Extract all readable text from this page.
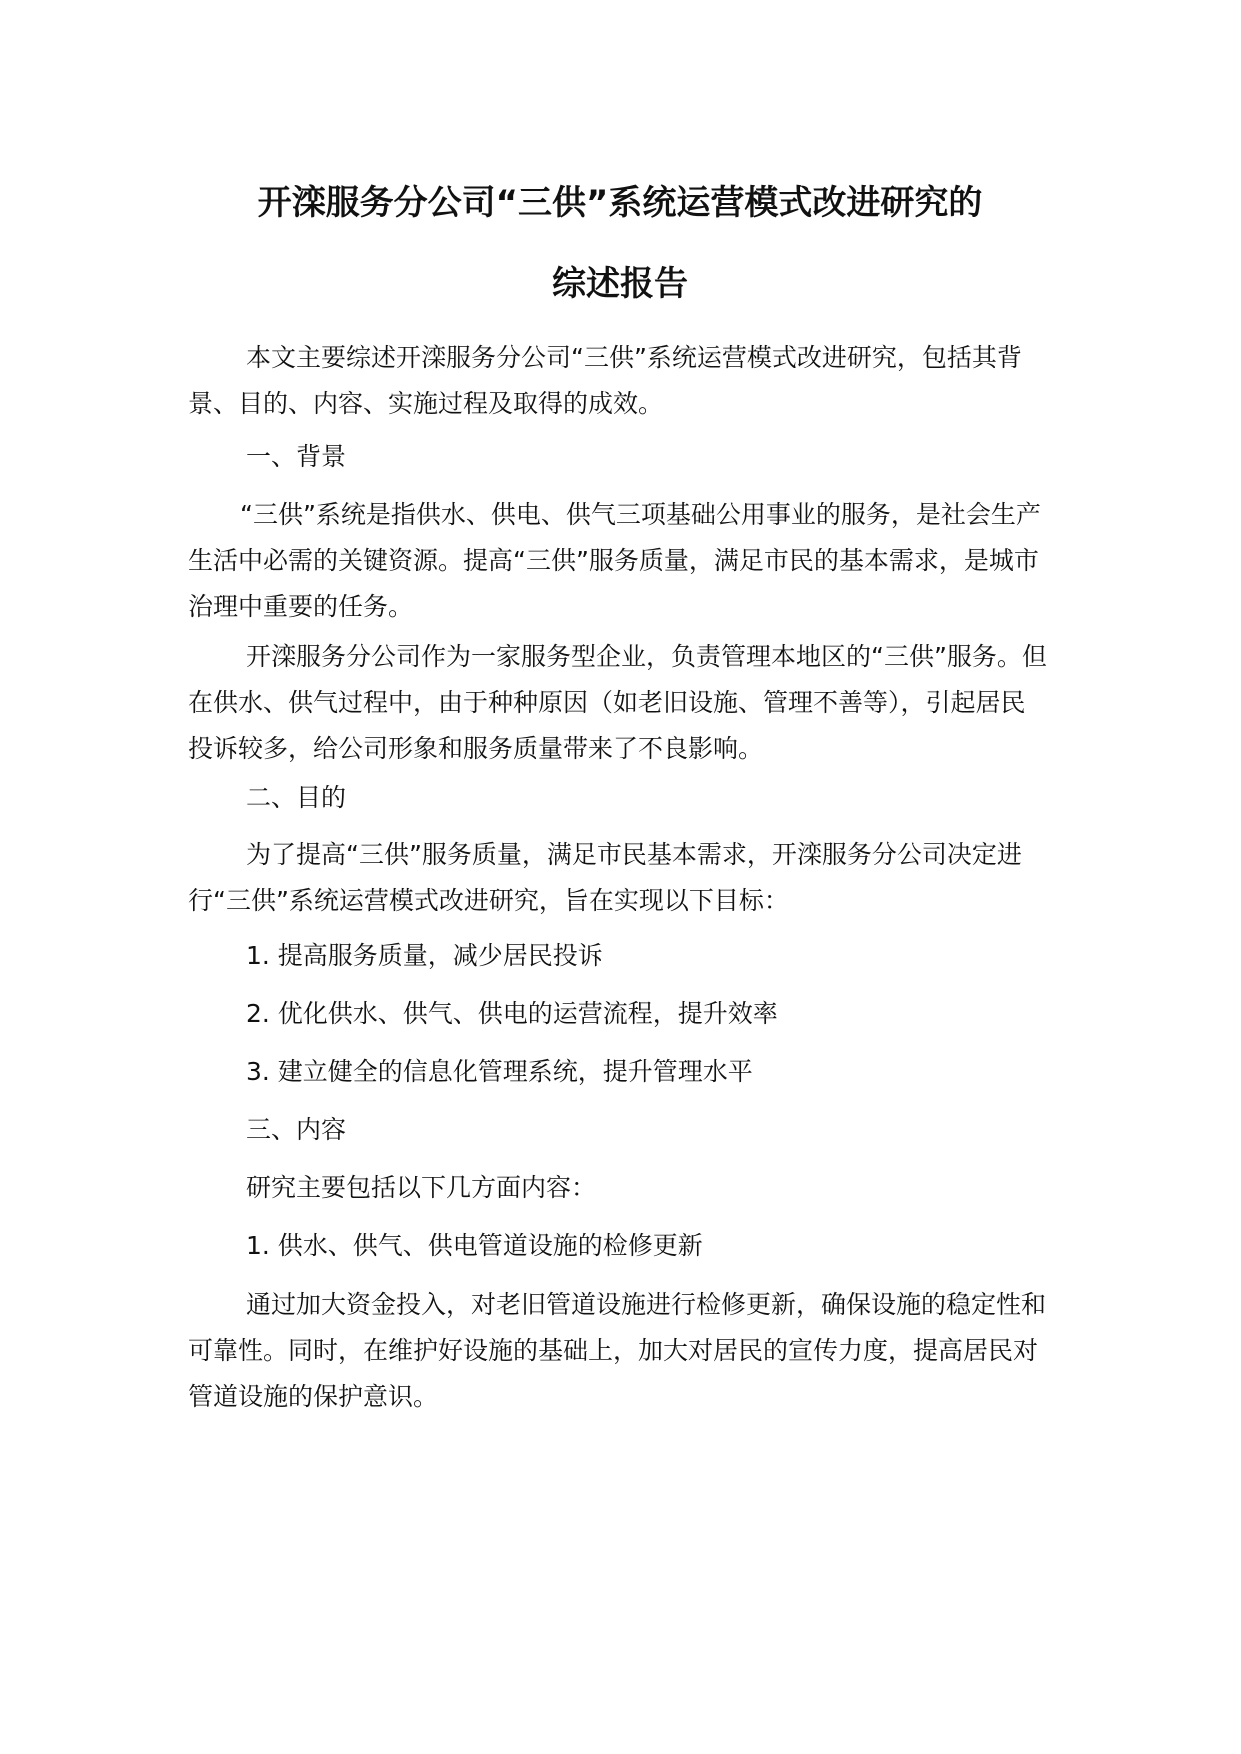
开滦服务分公司“三供”系统运营模式改进研究的
综述报告

本文主要综述开滦服务分公司“三供”系统运营模式改进研究，包括其背景、目的、内容、实施过程及取得的成效。

一、背景

“三供”系统是指供水、供电、供气三项基础公用事业的服务，是社会生产生活中必需的关键资源。提高“三供”服务质量，满足市民的基本需求，是城市治理中重要的任务。

开滦服务分公司作为一家服务型企业，负责管理本地区的“三供”服务。但在供水、供气过程中，由于种种原因（如老旧设施、管理不善等），引起居民投诉较多，给公司形象和服务质量带来了不良影响。

二、目的

为了提高“三供”服务质量，满足市民基本需求，开滦服务分公司决定进行“三供”系统运营模式改进研究，旨在实现以下目标：

1. 提高服务质量，减少居民投诉

2. 优化供水、供气、供电的运营流程，提升效率

3. 建立健全的信息化管理系统，提升管理水平

三、内容

研究主要包括以下几方面内容：

1. 供水、供气、供电管道设施的检修更新

通过加大资金投入，对老旧管道设施进行检修更新，确保设施的稳定性和可靠性。同时，在维护好设施的基础上，加大对居民的宣传力度，提高居民对管道设施的保护意识。
